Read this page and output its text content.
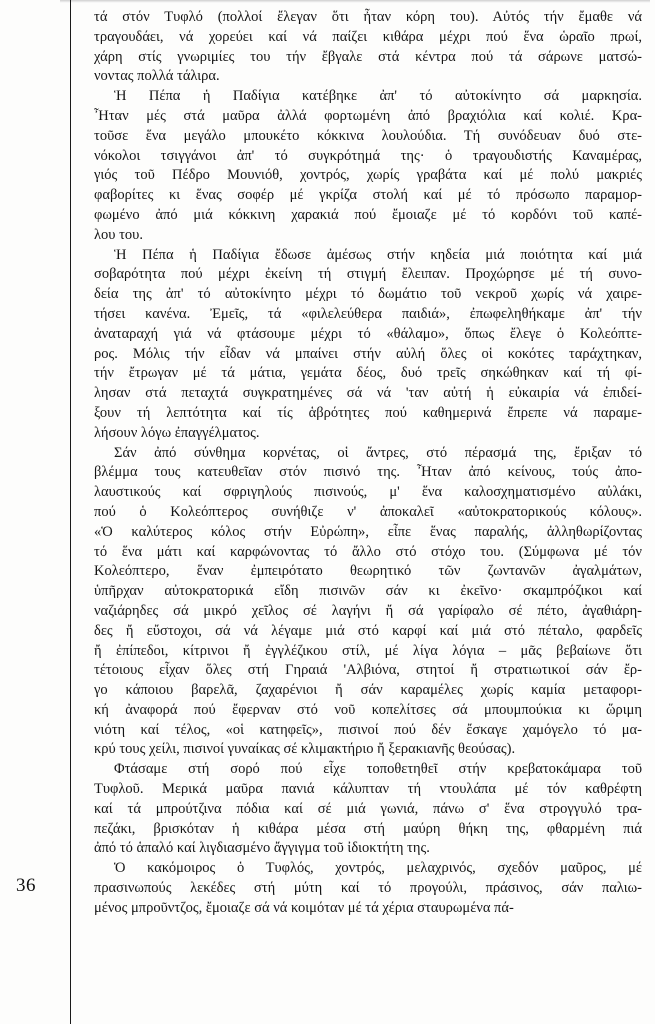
36
τά στόν Τυφλό (πολλοί ἔλεγαν ὅτι ἦταν κόρη του). Αὐτός τήν ἔμαθε νά
τραγουδάει, νά χορεύει καί νά παίζει κιθάρα μέχρι πού ἕνα ὡραῖο πρωί,
χάρη στίς γνωριμίες του τήν ἔβγαλε στά κέντρα πού τά σάρωνε ματσώ-
νοντας πολλά τάλιρα.
Ἡ Πέπα ἡ Παδίγια κατέβηκε ἀπ' τό αὐτοκίνητο σά μαρκησία.
Ἦταν μές στά μαῦρα ἀλλά φορτωμένη ἀπό βραχιόλια καί κολιέ. Κρα-
τοῦσε ἕνα μεγάλο μπουκέτο κόκκινα λουλούδια. Τή συνόδευαν δυό στε-
νόκολοι τσιγγάνοι ἀπ' τό συγκρότημά της· ὁ τραγουδιστής Καναμέρας,
γιός τοῦ Πέδρο Μουνιόθ, χοντρός, χωρίς γραβάτα καί μέ πολύ μακριές
φαβορίτες κι ἕνας σοφέρ μέ γκρίζα στολή καί μέ τό πρόσωπο παραμορ-
φωμένο ἀπό μιά κόκκινη χαρακιά πού ἔμοιαζε μέ τό κορδόνι τοῦ καπέ-
λου του.
Ἡ Πέπα ἡ Παδίγια ἔδωσε ἀμέσως στήν κηδεία μιά ποιότητα καί μιά
σοβαρότητα πού μέχρι ἐκείνη τή στιγμή ἔλειπαν. Προχώρησε μέ τή συνο-
δεία της ἀπ' τό αὐτοκίνητο μέχρι τό δωμάτιο τοῦ νεκροῦ χωρίς νά χαιρε-
τήσει κανένα. Ἐμεῖς, τά «φιλελεύθερα παιδιά», ἐπωφεληθήκαμε ἀπ' τήν
ἀναταραχή γιά νά φτάσουμε μέχρι τό «θάλαμο», ὅπως ἔλεγε ὁ Κολεόπτε-
ρος. Μόλις τήν εἶδαν νά μπαίνει στήν αὐλή ὅλες οἱ κοκότες ταράχτηκαν,
τήν ἔτρωγαν μέ τά μάτια, γεμάτα δέος, δυό τρεῖς σηκώθηκαν καί τή φί-
λησαν στά πεταχτά συγκρατημένες σά νά 'ταν αὐτή ἡ εὐκαιρία νά ἐπιδεί-
ξουν τή λεπτότητα καί τίς ἁβρότητες πού καθημερινά ἔπρεπε νά παραμε-
λήσουν λόγω ἐπαγγέλματος.
Σάν ἀπό σύνθημα κορνέτας, οἱ ἄντρες, στό πέρασμά της, ἔριξαν τό
βλέμμα τους κατευθεῖαν στόν πισινό της. Ἦταν ἀπό κείνους, τούς ἀπο-
λαυστικούς καί σφριγηλούς πισινούς, μ' ἕνα καλοσχηματισμένο αὐλάκι,
πού ὁ Κολεόπτερος συνήθιζε ν' ἀποκαλεῖ «αὐτοκρατορικούς κόλους».
«Ὁ καλύτερος κόλος στήν Εὐρώπη», εἶπε ἕνας παραλής, ἀλληθωρίζοντας
τό ἕνα μάτι καί καρφώνοντας τό ἄλλο στό στόχο του. (Σύμφωνα μέ τόν
Κολεόπτερο, ἕναν ἐμπειρότατο θεωρητικό τῶν ζωντανῶν ἀγαλμάτων,
ὑπῆρχαν αὐτοκρατορικά εἴδη πισινῶν σάν κι ἐκεῖνο· σκαμπρόζικοι καί
ναζιάρηδες σά μικρό χεῖλος σέ λαγήνι ἤ σά γαρίφαλο σέ πέτο, ἀγαθιάρη-
δες ἤ εὔστοχοι, σά νά λέγαμε μιά στό καρφί καί μιά στό πέταλο, φαρδεῖς
ἤ ἐπίπεδοι, κίτρινοι ἤ ἐγγλέζικου στίλ, μέ λίγα λόγια – μᾶς βεβαίωνε ὅτι
τέτοιους εἶχαν ὅλες στή Γηραιά 'Αλβιόνα, στητοί ἤ στρατιωτικοί σάν ἔρ-
γο κάποιου βαρελᾶ, ζαχαρένιοι ἤ σάν καραμέλες χωρίς καμία μεταφορι-
κή ἀναφορά πού ἔφερναν στό νοῦ κοπελίτσες σά μπουμπούκια κι ὥριμη
νιότη καί τέλος, «οἱ κατηφεῖς», πισινοί πού δέν ἔσκαγε χαμόγελο τό μα-
κρύ τους χείλι, πισινοί γυναίκας σέ κλιμακτήριο ἤ ξερακιανῆς θεούσας).
Φτάσαμε στή σορό πού εἶχε τοποθετηθεῖ στήν κρεβατοκάμαρα τοῦ
Τυφλοῦ. Μερικά μαῦρα πανιά κάλυπταν τή ντουλάπα μέ τόν καθρέφτη
καί τά μπρούτζινα πόδια καί σέ μιά γωνιά, πάνω σ' ἕνα στρογγυλό τρα-
πεζάκι, βρισκόταν ἡ κιθάρα μέσα στή μαύρη θήκη της, φθαρμένη πιά
ἀπό τό ἁπαλό καί λιγδιασμένο ἄγγιγμα τοῦ ἰδιοκτήτη της.
Ὁ κακόμοιρος ὁ Τυφλός, χοντρός, μελαχρινός, σχεδόν μαῦρος, μέ
πρασινωπούς λεκέδες στή μύτη καί τό προγούλι, πράσινος, σάν παλιω-
μένος μπροῦντζος, ἔμοιαζε σά νά κοιμόταν μέ τά χέρια σταυρωμένα πά-
